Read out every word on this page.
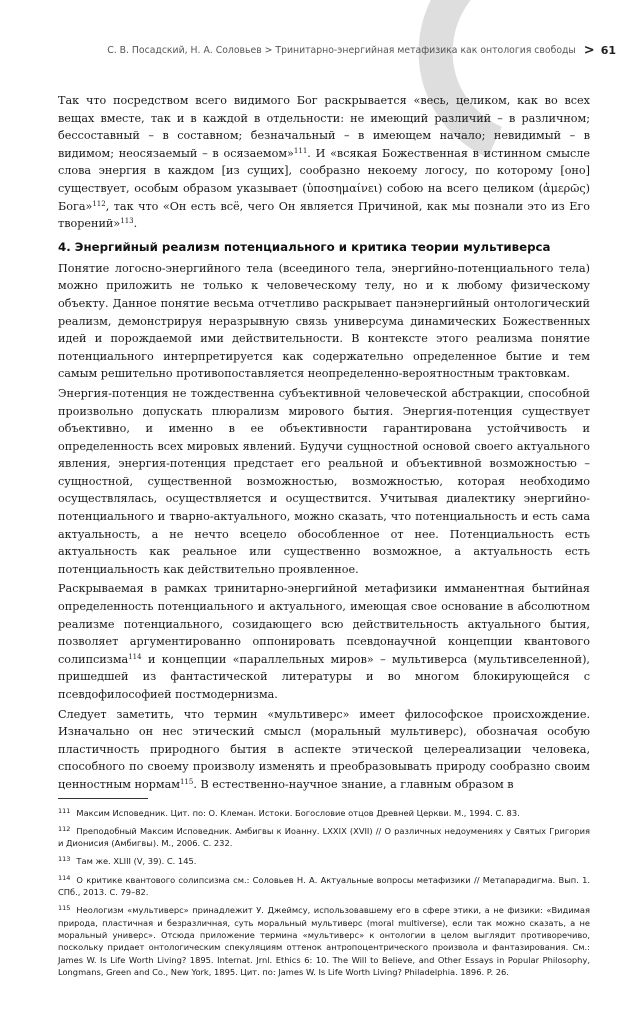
С. В. Посадский, Н. А. Соловьев > Тринитарно-энергийная метафизика как онтология свободы > 61

Так что посредством всего видимого Бог раскрывается «весь, целиком, как во всех вещах вместе, так и в каждой в отдельности: не имеющий различий – в различном; бессоставный – в составном; безначальный – в имеющем начало; невидимый – в видимом; неосязаемый – в осязаемом»$^{111}$. И «всякая Божественная в истинном смысле слова энергия в каждом [из сущих], сообразно некоему логосу, по которому [оно] существует, особым образом указывает (ὑποσημαίνει) собою на всего целиком (ἀμερῶς) Бога»$^{112}$, так что «Он есть всё, чего Он является Причиной, как мы познали это из Его творений»$^{113}$.

4. Энергийный реализм потенциального и критика теории мультиверса

Понятие логосно-энергийного тела (всеединого тела, энергийно-потенциального тела) можно приложить не только к человеческому телу, но и к любому физическому объекту. Данное понятие весьма отчетливо раскрывает панэнергийный онтологический реализм, демонстрируя неразрывную связь универсума динамических Божественных идей и порождаемой ими действительности. В контексте этого реализма понятие потенциального интерпретируется как содержательно определенное бытие и тем самым решительно противопоставляется неопределенно-вероятностным трактовкам.

Энергия-потенция не тождественна субъективной человеческой абстракции, способной произвольно допускать плюрализм мирового бытия. Энергия-потенция существует объективно, и именно в ее объективности гарантирована устойчивость и определенность всех мировых явлений. Будучи сущностной основой своего актуального явления, энергия-потенция предстает его реальной и объективной возможностью – сущностной, существенной возможностью, возможностью, которая необходимо осуществлялась, осуществляется и осуществится. Учитывая диалектику энергийно-потенциального и тварно-актуального, можно сказать, что потенциальность и есть сама актуальность, а не нечто всецело обособленное от нее. Потенциальность есть актуальность как реальное или существенно возможное, а актуальность есть потенциальность как действительно проявленное.

Раскрываемая в рамках тринитарно-энергийной метафизики имманентная бытийная определенность потенциального и актуального, имеющая свое основание в абсолютном реализме потенциального, созидающего всю действительность актуального бытия, позволяет аргументированно оппонировать псевдонаучной концепции квантового солипсизма$^{114}$ и концепции «параллельных миров» – мультиверса (мультивселенной), пришедшей из фантастической литературы и во многом блокирующейся с псевдофилософией постмодернизма.

Следует заметить, что термин «мультиверс» имеет философское происхождение. Изначально он нес этический смысл (моральный мультиверс), обозначая особую пластичность природного бытия в аспекте этической целереализации человека, способного по своему произволу изменять и преобразовывать природу сообразно своим ценностным нормам$^{115}$. В естественно-научное знание, а главным образом в

$^{111}$ Максим Исповедник. Цит. по: О. Клеман. Истоки. Богословие отцов Древней Церкви. М., 1994. С. 83.
$^{112}$ Преподобный Максим Исповедник. Амбигвы к Иоанну. LXXIX (XVII) // О различных недоумениях у Святых Григория и Дионисия (Амбигвы). М., 2006. С. 232.
$^{113}$ Там же. XLIII (V, 39). С. 145.
$^{114}$ О критике квантового солипсизма см.: Соловьев Н. А. Актуальные вопросы метафизики // Метапарадигма. Вып. 1. СПб., 2013. С. 79–82.
$^{115}$ Неологизм «мультиверс» принадлежит У. Джеймсу, использовавшему его в сфере этики, а не физики: «Видимая природа, пластичная и безразличная, суть моральный мультиверс (moral multiverse), если так можно сказать, а не моральный универс». Отсюда приложение термина «мультиверс» к онтологии в целом выглядит противоречиво, поскольку придает онтологическим спекуляциям оттенок антропоцентрического произвола и фантазирования. См.: James W. Is Life Worth Living? 1895. Internat. Jrnl. Ethics 6: 10. The Will to Believe, and Other Essays in Popular Philosophy, Longmans, Green and Co., New York, 1895. Цит. по: James W. Is Life Worth Living? Philadelphia. 1896. P. 26.
